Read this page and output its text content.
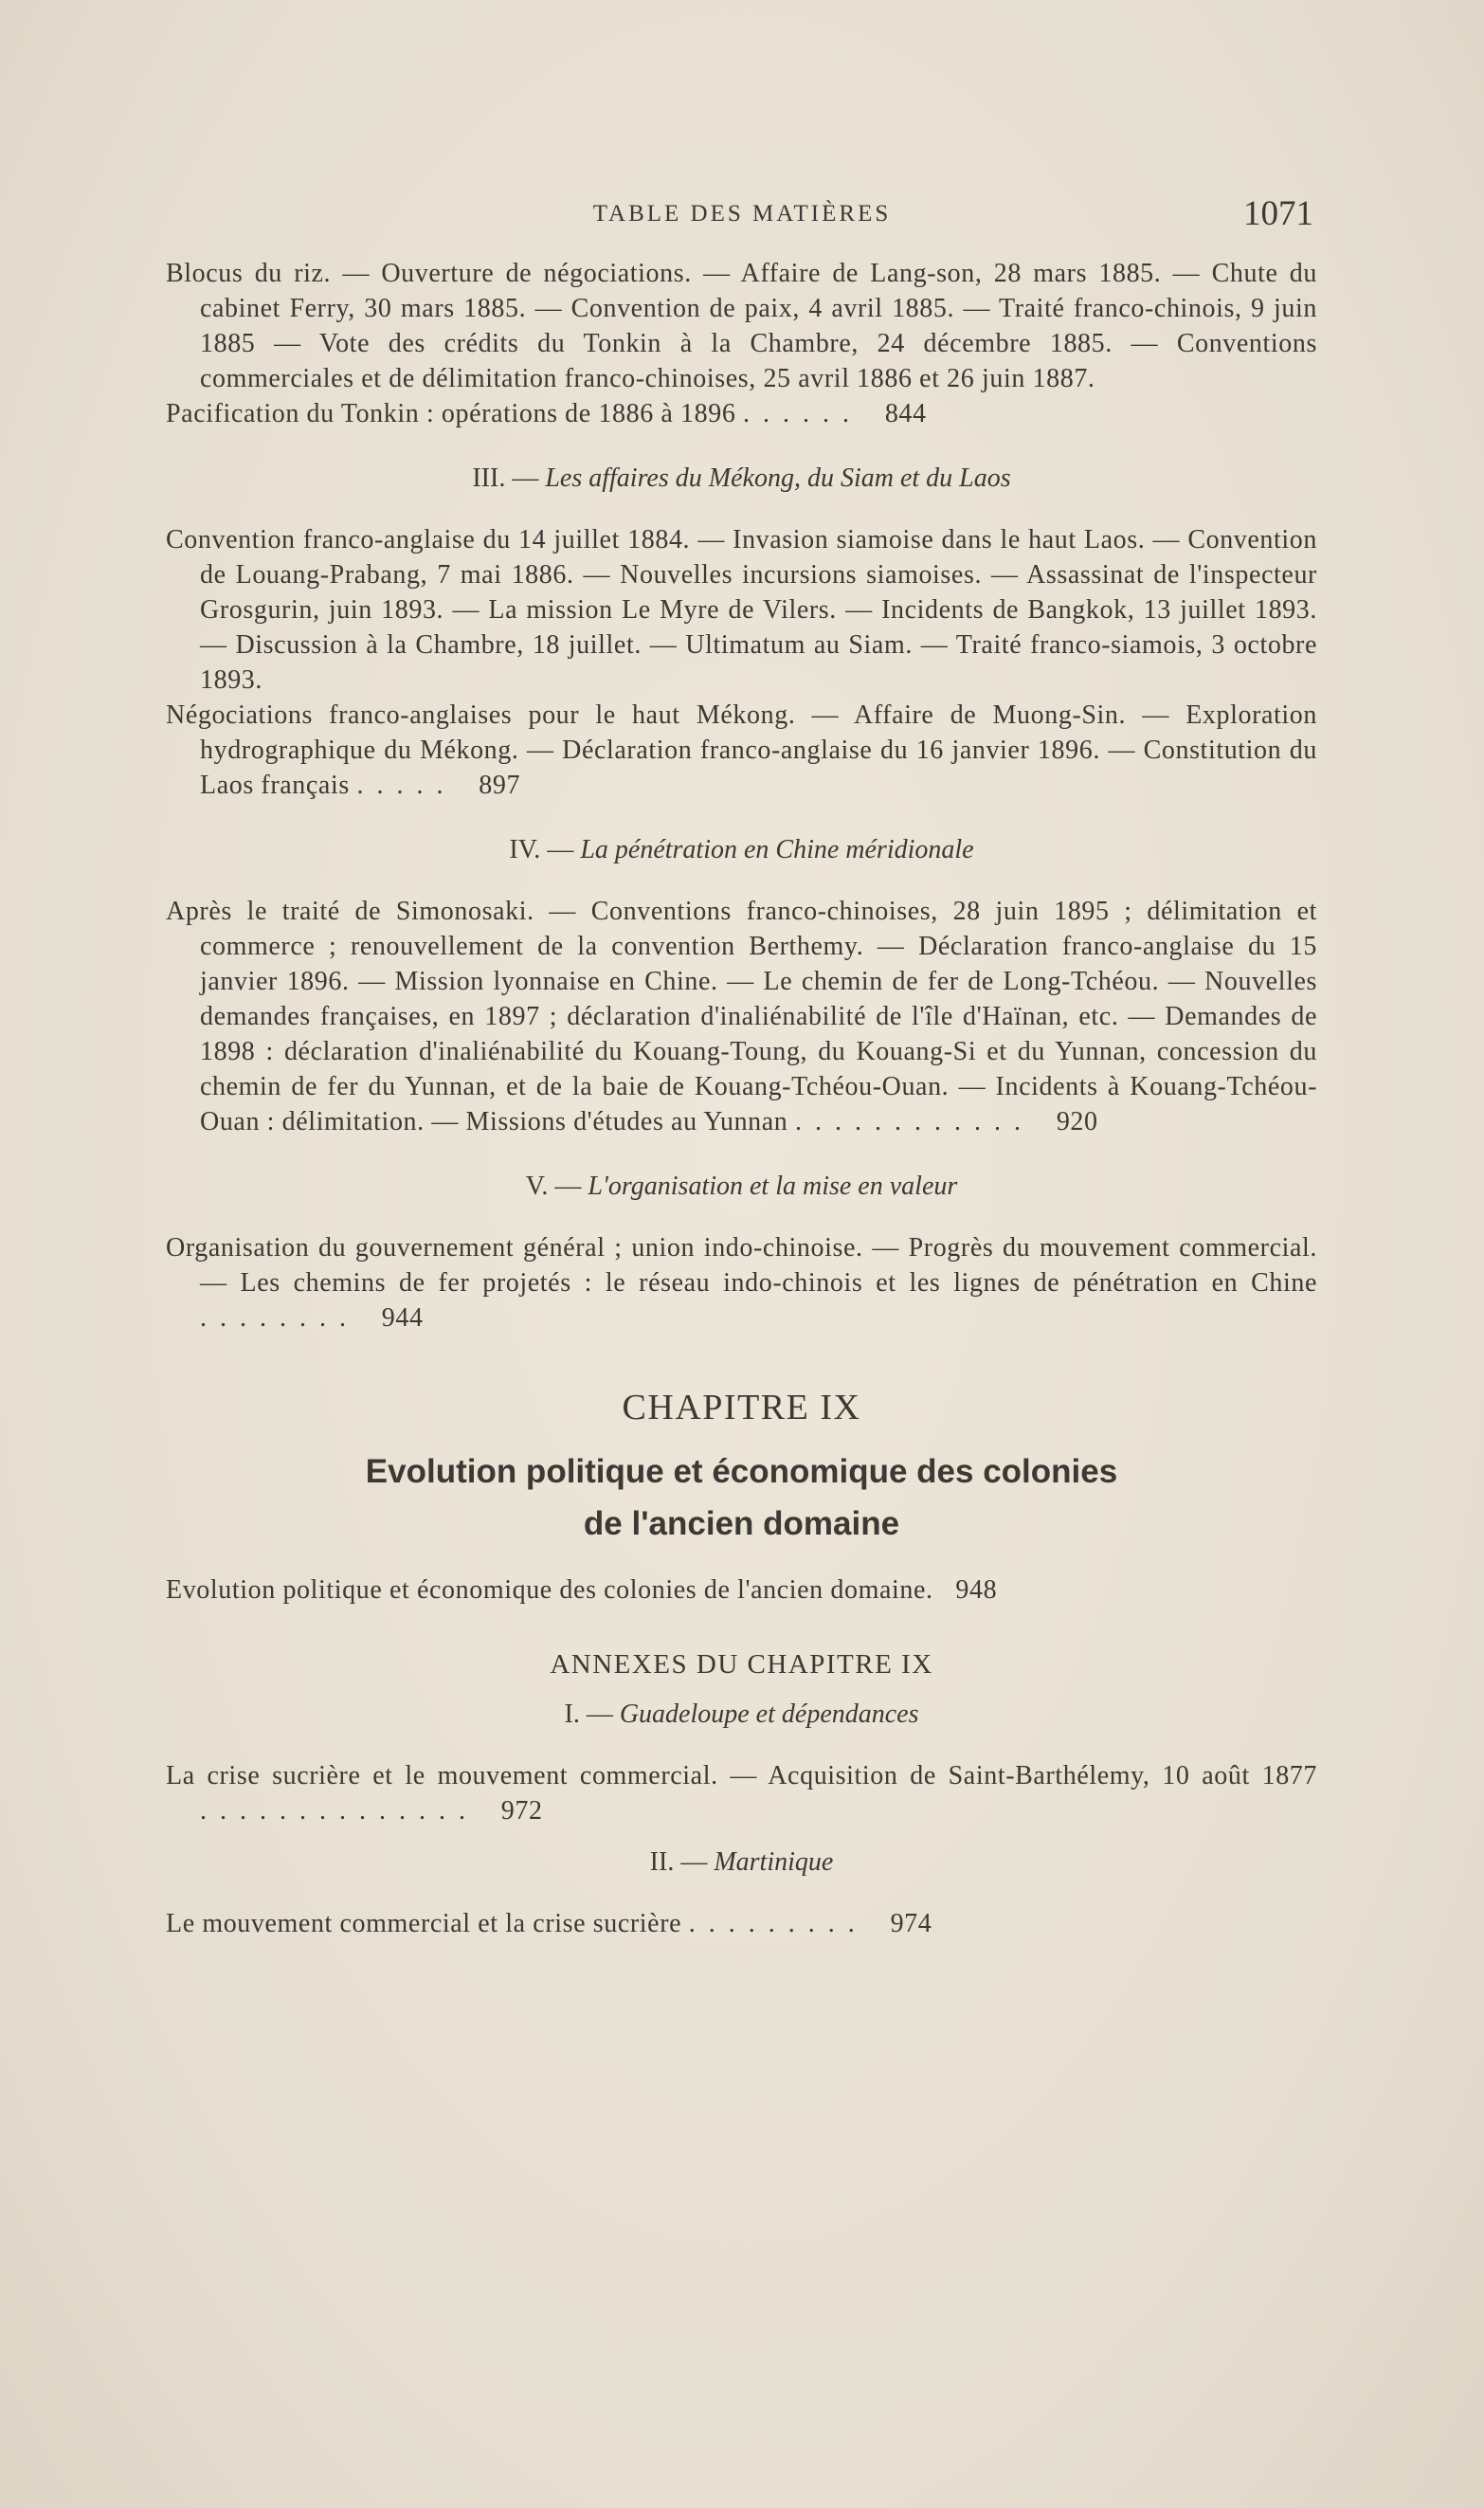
TABLE DES MATIÈRES	1071

Blocus du riz. — Ouverture de négociations. — Affaire de Lang-son, 28 mars 1885. — Chute du cabinet Ferry, 30 mars 1885. — Convention de paix, 4 avril 1885. — Traité franco-chinois, 9 juin 1885 — Vote des crédits du Tonkin à la Chambre, 24 décembre 1885. — Conventions commerciales et de délimitation franco-chinoises, 25 avril 1886 et 26 juin 1887.

Pacification du Tonkin : opérations de 1886 à 1896 ...... 844

III. — Les affaires du Mékong, du Siam et du Laos

Convention franco-anglaise du 14 juillet 1884. — Invasion siamoise dans le haut Laos. — Convention de Louang-Prabang, 7 mai 1886. — Nouvelles incursions siamoises. — Assassinat de l'inspecteur Grosgurin, juin 1893. — La mission Le Myre de Vilers. — Incidents de Bangkok, 13 juillet 1893. — Discussion à la Chambre, 18 juillet. — Ultimatum au Siam. — Traité franco-siamois, 3 octobre 1893.

Négociations franco-anglaises pour le haut Mékong. — Affaire de Muong-Sin. — Exploration hydrographique du Mékong. — Déclaration franco-anglaise du 16 janvier 1896. — Constitution du Laos français ..... 897

IV. — La pénétration en Chine méridionale

Après le traité de Simonosaki. — Conventions franco-chinoises, 28 juin 1895 ; délimitation et commerce ; renouvellement de la convention Berthemy. — Déclaration franco-anglaise du 15 janvier 1896. — Mission lyonnaise en Chine. — Le chemin de fer de Long-Tchéou. — Nouvelles demandes françaises, en 1897 ; déclaration d'inaliénabilité de l'île d'Haïnan, etc. — Demandes de 1898 : déclaration d'inaliénabilité du Kouang-Toung, du Kouang-Si et du Yunnan, concession du chemin de fer du Yunnan, et de la baie de Kouang-Tchéou-Ouan. — Incidents à Kouang-Tchéou-Ouan : délimitation. — Missions d'études au Yunnan ............ 920

V. — L'organisation et la mise en valeur

Organisation du gouvernement général ; union indo-chinoise. — Progrès du mouvement commercial. — Les chemins de fer projetés : le réseau indo-chinois et les lignes de pénétration en Chine ........ 944

CHAPITRE IX
Evolution politique et économique des colonies
de l'ancien domaine

Evolution politique et économique des colonies de l'ancien domaine. 948

ANNEXES DU CHAPITRE IX
I. — Guadeloupe et dépendances

La crise sucrière et le mouvement commercial. — Acquisition de Saint-Barthélemy, 10 août 1877 .............. 972

II. — Martinique

Le mouvement commercial et la crise sucrière ......... 974
